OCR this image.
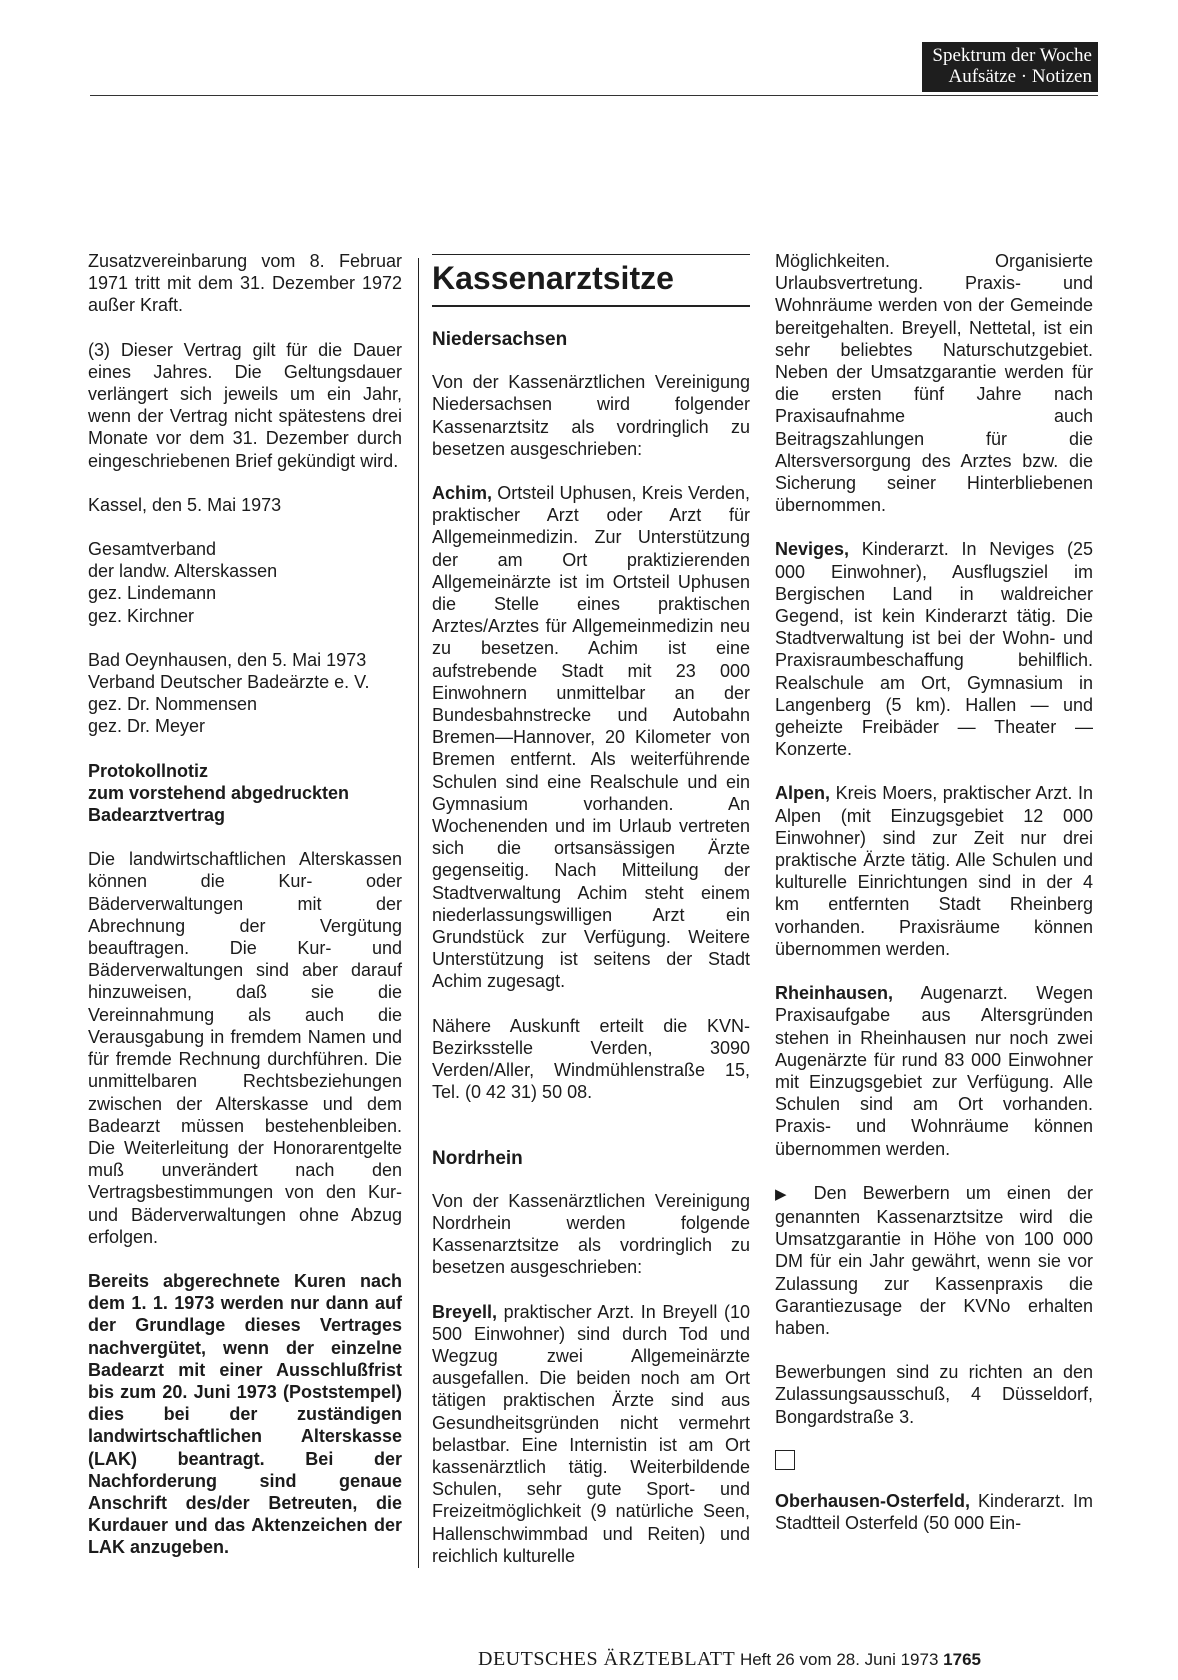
Spektrum der Woche
Aufsätze · Notizen

Zusatzvereinbarung vom 8. Februar 1971 tritt mit dem 31. Dezember 1972 außer Kraft.

(3) Dieser Vertrag gilt für die Dauer eines Jahres. Die Geltungsdauer verlängert sich jeweils um ein Jahr, wenn der Vertrag nicht spätestens drei Monate vor dem 31. Dezember durch eingeschriebenen Brief gekündigt wird.

Kassel, den 5. Mai 1973

Gesamtverband
der landw. Alterskassen
gez. Lindemann
gez. Kirchner

Bad Oeynhausen, den 5. Mai 1973
Verband Deutscher Badeärzte e. V.
gez. Dr. Nommensen
gez. Dr. Meyer

Protokollnotiz
zum vorstehend abgedruckten
Badearztvertrag

Die landwirtschaftlichen Alterskassen können die Kur- oder Bäderverwaltungen mit der Abrechnung der Vergütung beauftragen. Die Kur- und Bäderverwaltungen sind aber darauf hinzuweisen, daß sie die Vereinnahmung als auch die Verausgabung in fremdem Namen und für fremde Rechnung durchführen. Die unmittelbaren Rechtsbeziehungen zwischen der Alterskasse und dem Badearzt müssen bestehenbleiben. Die Weiterleitung der Honorarentgelte muß unverändert nach den Vertragsbestimmungen von den Kur- und Bäderverwaltungen ohne Abzug erfolgen.

Bereits abgerechnete Kuren nach dem 1. 1. 1973 werden nur dann auf der Grundlage dieses Vertrages nachvergütet, wenn der einzelne Badearzt mit einer Ausschlußfrist bis zum 20. Juni 1973 (Poststempel) dies bei der zuständigen landwirtschaftlichen Alterskasse (LAK) beantragt. Bei der Nachforderung sind genaue Anschrift des/der Betreuten, die Kurdauer und das Aktenzeichen der LAK anzugeben.

Kassenarztsitze
Niedersachsen

Von der Kassenärztlichen Vereinigung Niedersachsen wird folgender Kassenarztsitz als vordringlich zu besetzen ausgeschrieben:

Achim, Ortsteil Uphusen, Kreis Verden, praktischer Arzt oder Arzt für Allgemeinmedizin. Zur Unterstützung der am Ort praktizierenden Allgemeinärzte ist im Ortsteil Uphusen die Stelle eines praktischen Arztes/Arztes für Allgemeinmedizin neu zu besetzen. Achim ist eine aufstrebende Stadt mit 23 000 Einwohnern unmittelbar an der Bundesbahnstrecke und Autobahn Bremen—Hannover, 20 Kilometer von Bremen entfernt. Als weiterführende Schulen sind eine Realschule und ein Gymnasium vorhanden. An Wochenenden und im Urlaub vertreten sich die ortsansässigen Ärzte gegenseitig. Nach Mitteilung der Stadtverwaltung Achim steht einem niederlassungswilligen Arzt ein Grundstück zur Verfügung. Weitere Unterstützung ist seitens der Stadt Achim zugesagt.

Nähere Auskunft erteilt die KVN-Bezirksstelle Verden, 3090 Verden/Aller, Windmühlenstraße 15, Tel. (0 42 31) 50 08.

Nordrhein

Von der Kassenärztlichen Vereinigung Nordrhein werden folgende Kassenarztsitze als vordringlich zu besetzen ausgeschrieben:

Breyell, praktischer Arzt. In Breyell (10 500 Einwohner) sind durch Tod und Wegzug zwei Allgemeinärzte ausgefallen. Die beiden noch am Ort tätigen praktischen Ärzte sind aus Gesundheitsgründen nicht vermehrt belastbar. Eine Internistin ist am Ort kassenärztlich tätig. Weiterbildende Schulen, sehr gute Sport- und Freizeitmöglichkeit (9 natürliche Seen, Hallenschwimmbad und Reiten) und reichlich kulturelle

Möglichkeiten. Organisierte Urlaubsvertretung. Praxis- und Wohnräume werden von der Gemeinde bereitgehalten. Breyell, Nettetal, ist ein sehr beliebtes Naturschutzgebiet. Neben der Umsatzgarantie werden für die ersten fünf Jahre nach Praxisaufnahme auch Beitragszahlungen für die Altersversorgung des Arztes bzw. die Sicherung seiner Hinterbliebenen übernommen.

Neviges, Kinderarzt. In Neviges (25 000 Einwohner), Ausflugsziel im Bergischen Land in waldreicher Gegend, ist kein Kinderarzt tätig. Die Stadtverwaltung ist bei der Wohn- und Praxisraumbeschaffung behilflich. Realschule am Ort, Gymnasium in Langenberg (5 km). Hallen — und geheizte Freibäder — Theater — Konzerte.

Alpen, Kreis Moers, praktischer Arzt. In Alpen (mit Einzugsgebiet 12 000 Einwohner) sind zur Zeit nur drei praktische Ärzte tätig. Alle Schulen und kulturelle Einrichtungen sind in der 4 km entfernten Stadt Rheinberg vorhanden. Praxisräume können übernommen werden.

Rheinhausen, Augenarzt. Wegen Praxisaufgabe aus Altersgründen stehen in Rheinhausen nur noch zwei Augenärzte für rund 83 000 Einwohner mit Einzugsgebiet zur Verfügung. Alle Schulen sind am Ort vorhanden. Praxis- und Wohnräume können übernommen werden.

▶ Den Bewerbern um einen der genannten Kassenarztsitze wird die Umsatzgarantie in Höhe von 100 000 DM für ein Jahr gewährt, wenn sie vor Zulassung zur Kassenpraxis die Garantiezusage der KVNo erhalten haben.

Bewerbungen sind zu richten an den Zulassungsausschuß, 4 Düsseldorf, Bongardstraße 3.

Oberhausen-Osterfeld, Kinderarzt. Im Stadtteil Osterfeld (50 000 Ein-

DEUTSCHES ÄRZTEBLATT Heft 26 vom 28. Juni 1973 1765
